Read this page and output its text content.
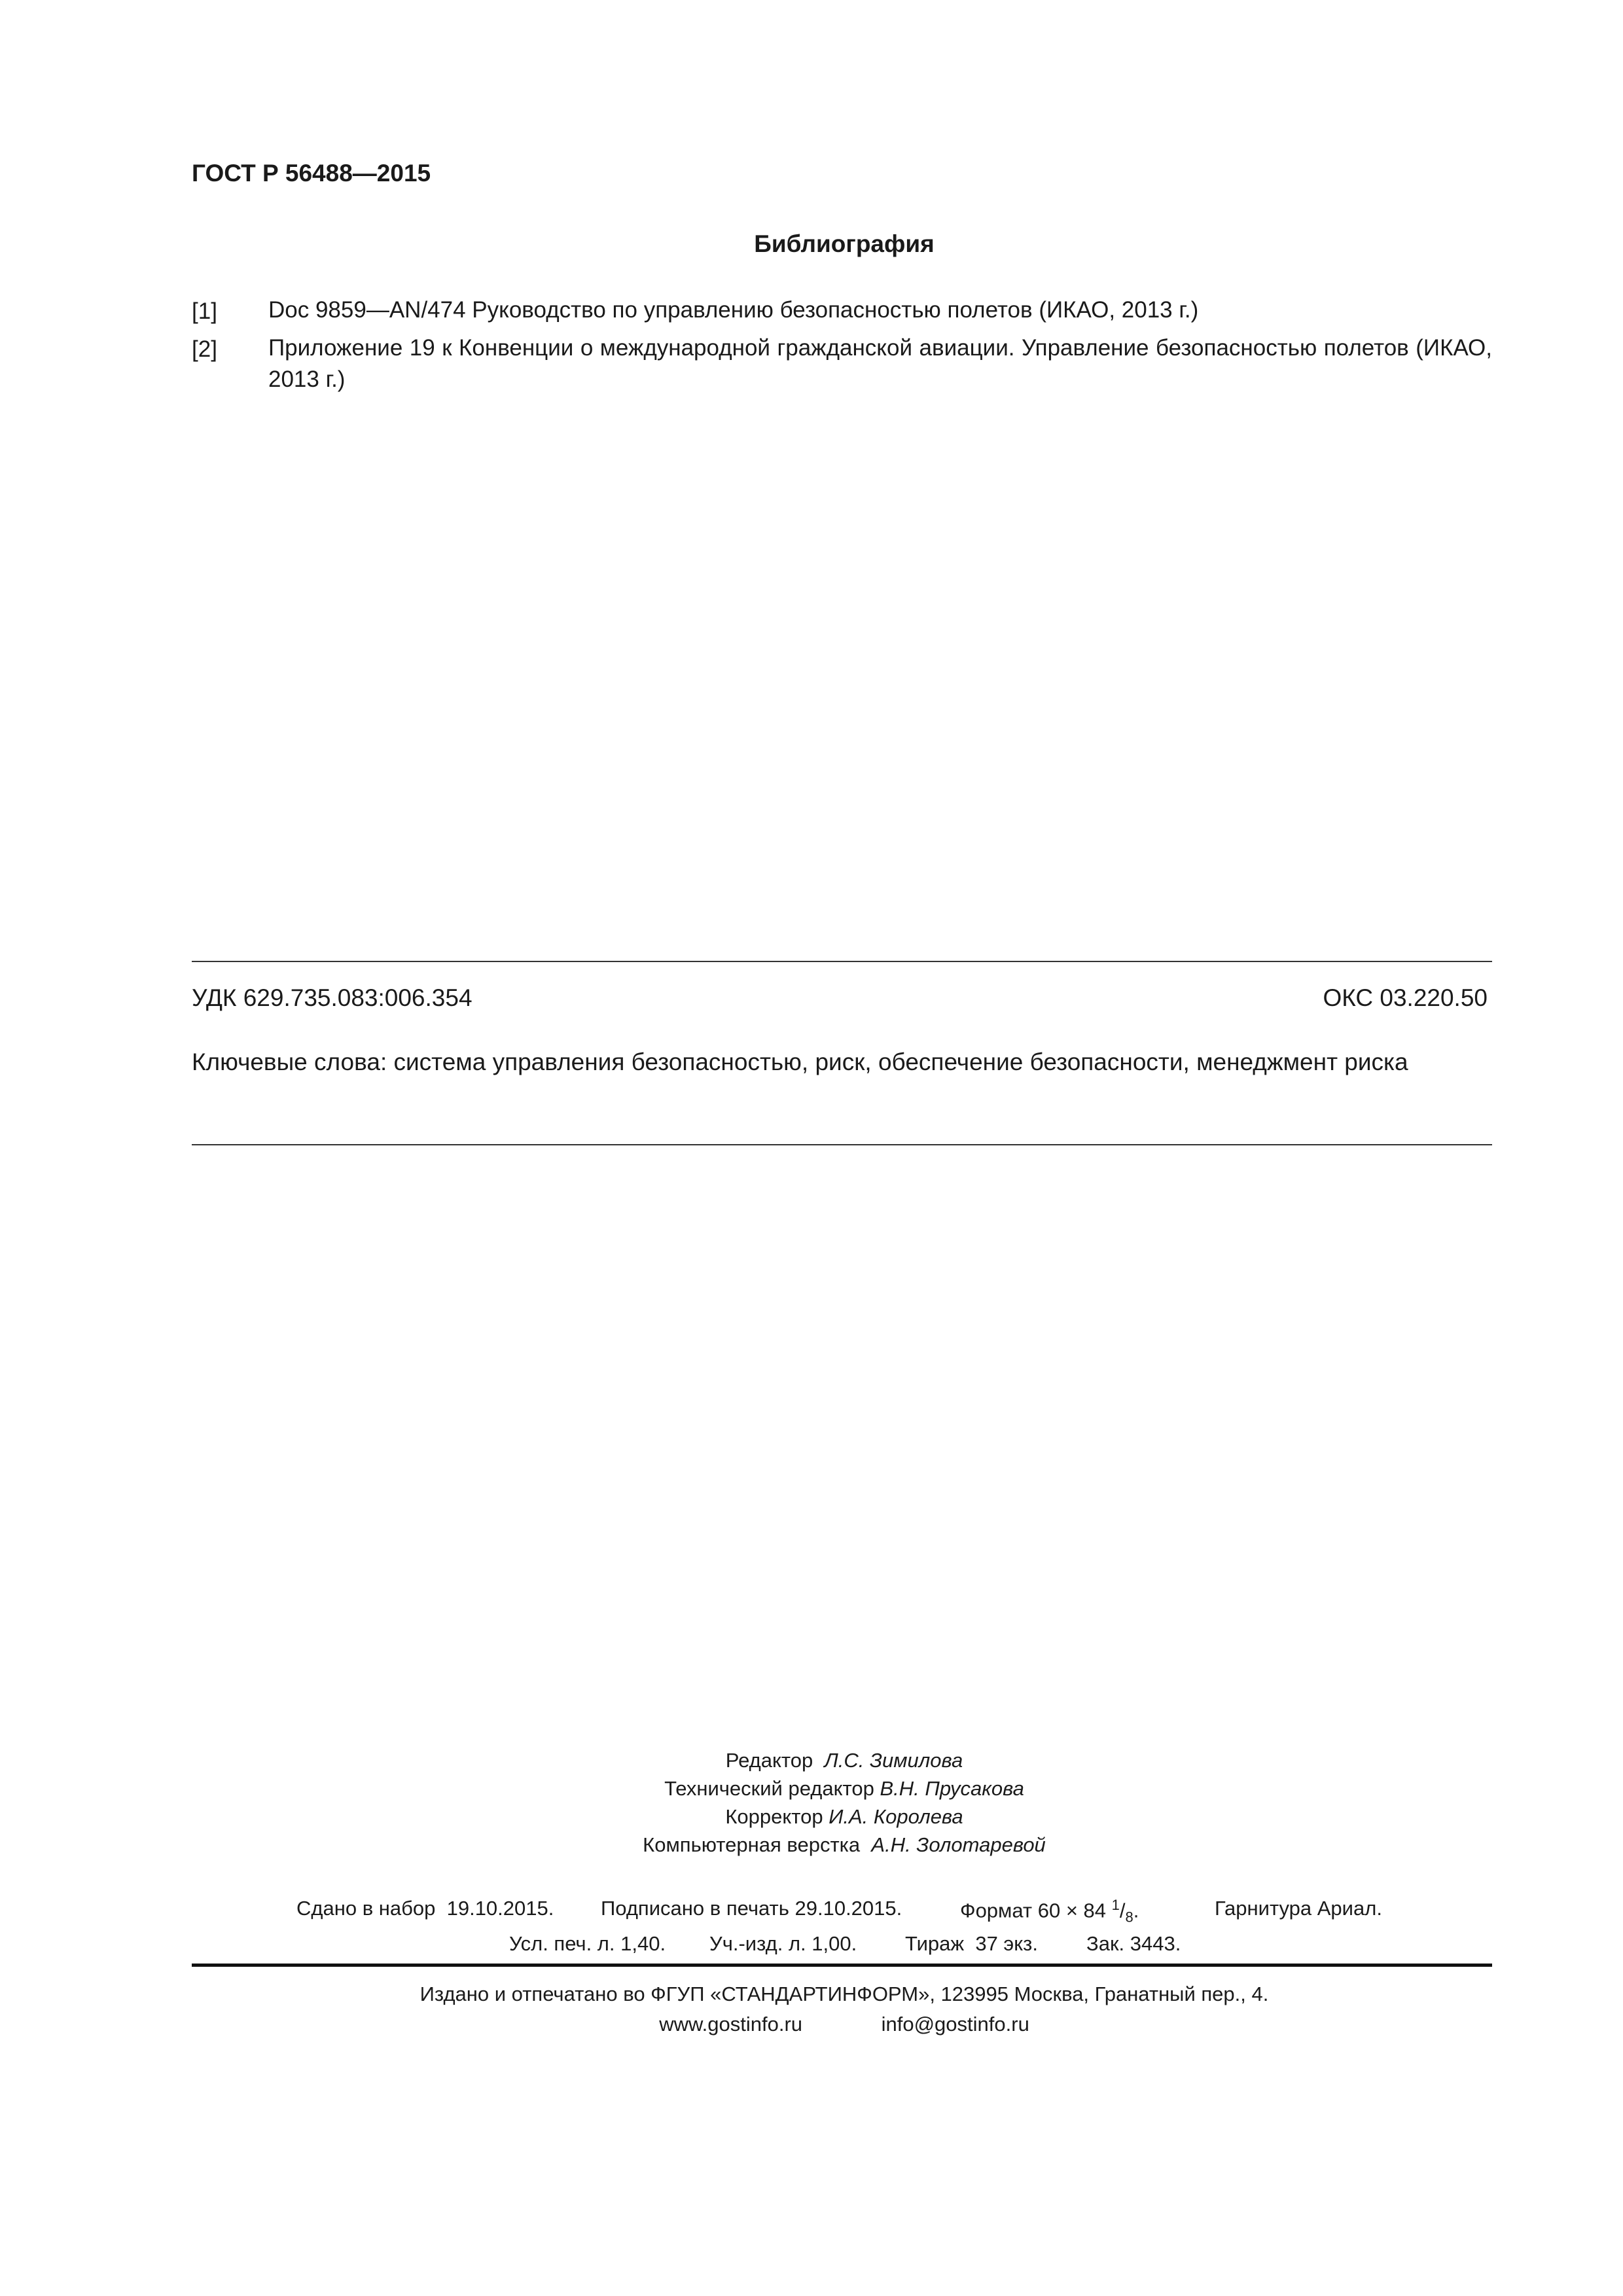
ГОСТ Р 56488—2015
Библиография
[1] Doc 9859—AN/474 Руководство по управлению безопасностью полетов (ИКАО, 2013 г.)
[2] Приложение 19 к Конвенции о международной гражданской авиации. Управление безопасностью полетов (ИКАО, 2013 г.)
УДК 629.735.083:006.354	ОКС 03.220.50
Ключевые слова: система управления безопасностью, риск, обеспечение безопасности, менеджмент риска
Редактор Л.С. Зимилова
Технический редактор В.Н. Прусакова
Корректор И.А. Королева
Компьютерная верстка А.Н. Золотаревой
Сдано в набор  19.10.2015. Подписано в печать 29.10.2015.	Формат 60 × 84 $^1/_8$.	Гарнитура Ариал.
Усл. печ. л. 1,40. Уч.-изд. л. 1,00. Тираж  37 экз. Зак. 3443.
Издано и отпечатано во ФГУП «СТАНДАРТИНФОРМ», 123995 Москва, Гранатный пер., 4.
www.gostinfo.ru	info@gostinfo.ru
